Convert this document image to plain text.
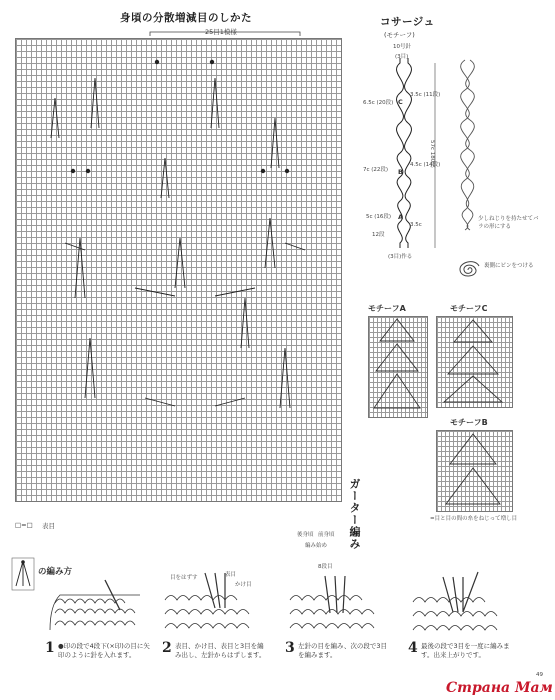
身頃の分散増減目のしかた
25目1模様
ガーター編み
後身頃 前身頃
編み始め
□=□ 表目
コサージュ
(モチーフ)
10号針
(3目)
(3目)作る
C
B
A
3.5c (11段)
4.5c (14段)
3.5c
6.5c (20段)
7c (22段)
5c (16段)
12段
57c 180段
少しねじりを持たせてバラの形にする
裏側にピンをつける
モチーフA	モチーフC
モチーフB
=目と目の間の糸をねじって増し目
の編み方
目をはずす	表目
かけ目
8段目
1 ●印の段で4段下(×印)の目に矢印のように針を入れます。	2 表目、かけ目、表目と3目を編み出し、左針からはずします。	3 左針の目を編み、次の段で3目を編みます。	4 最後の段で3目を一度に編みます。出来上がりです。
49
Страна Мам
